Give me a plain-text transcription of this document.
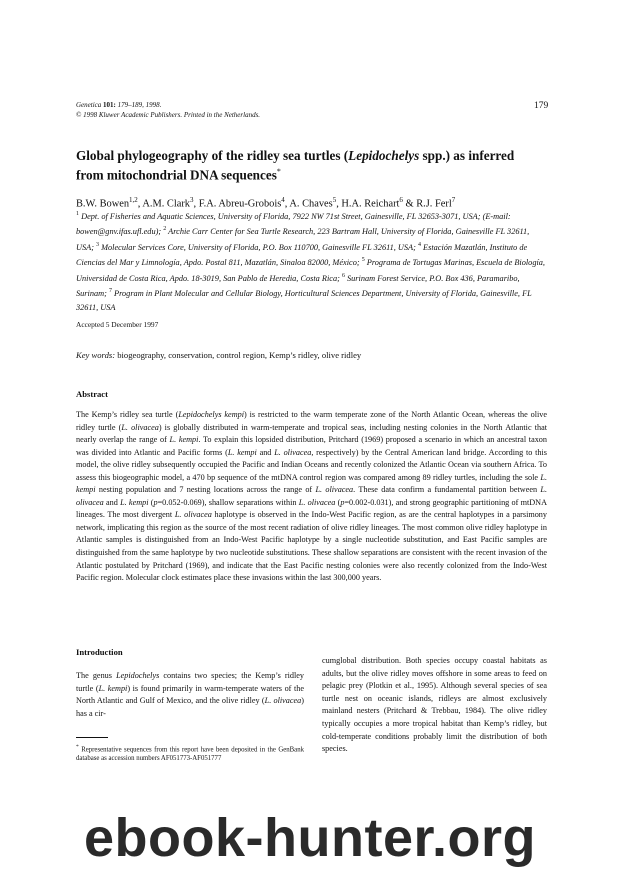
Genetica 101: 179–189, 1998.
© 1998 Kluwer Academic Publishers. Printed in the Netherlands.
179
Global phylogeography of the ridley sea turtles (Lepidochelys spp.) as inferred from mitochondrial DNA sequences*
B.W. Bowen$^{1,2}$, A.M. Clark$^3$, F.A. Abreu-Grobois$^4$, A. Chaves$^5$, H.A. Reichart$^6$ & R.J. Ferl$^7$
$^1$ Dept. of Fisheries and Aquatic Sciences, University of Florida, 7922 NW 71st Street, Gainesville, FL 32653-3071, USA; (E-mail: bowen@gnv.ifas.ufl.edu); $^2$ Archie Carr Center for Sea Turtle Research, 223 Bartram Hall, University of Florida, Gainesville FL 32611, USA; $^3$ Molecular Services Core, University of Florida, P.O. Box 110700, Gainesville FL 32611, USA; $^4$ Estación Mazatlán, Instituto de Ciencias del Mar y Limnología, Apdo. Postal 811, Mazatlán, Sinaloa 82000, México; $^5$ Programa de Tortugas Marinas, Escuela de Biología, Universidad de Costa Rica, Apdo. 18-3019, San Pablo de Heredia, Costa Rica; $^6$ Surinam Forest Service, P.O. Box 436, Paramaribo, Surinam; $^7$ Program in Plant Molecular and Cellular Biology, Horticultural Sciences Department, University of Florida, Gainesville, FL 32611, USA
Accepted 5 December 1997
Key words: biogeography, conservation, control region, Kemp’s ridley, olive ridley
Abstract
The Kemp’s ridley sea turtle (Lepidochelys kempi) is restricted to the warm temperate zone of the North Atlantic Ocean, whereas the olive ridley turtle (L. olivacea) is globally distributed in warm-temperate and tropical seas, including nesting colonies in the North Atlantic that nearly overlap the range of L. kempi. To explain this lopsided distribution, Pritchard (1969) proposed a scenario in which an ancestral taxon was divided into Atlantic and Pacific forms (L. kempi and L. olivacea, respectively) by the Central American land bridge. According to this model, the olive ridley subsequently occupied the Pacific and Indian Oceans and recently colonized the Atlantic Ocean via southern Africa. To assess this biogeographic model, a 470 bp sequence of the mtDNA control region was compared among 89 ridley turtles, including the sole L. kempi nesting population and 7 nesting locations across the range of L. olivacea. These data confirm a fundamental partition between L. olivacea and L. kempi (p=0.052-0.069), shallow separations within L. olivacea (p=0.002-0.031), and strong geographic partitioning of mtDNA lineages. The most divergent L. olivacea haplotype is observed in the Indo-West Pacific region, as are the central haplotypes in a parsimony network, implicating this region as the source of the most recent radiation of olive ridley lineages. The most common olive ridley haplotype in Atlantic samples is distinguished from an Indo-West Pacific haplotype by a single nucleotide substitution, and East Pacific samples are distinguished from the same haplotype by two nucleotide substitutions. These shallow separations are consistent with the recent invasion of the Atlantic postulated by Pritchard (1969), and indicate that the East Pacific nesting colonies were also recently colonized from the Indo-West Pacific region. Molecular clock estimates place these invasions within the last 300,000 years.
Introduction
The genus Lepidochelys contains two species; the Kemp’s ridley turtle (L. kempi) is found primarily in warm-temperate waters of the North Atlantic and Gulf of Mexico, and the olive ridley (L. olivacea) has a cir-
cumglobal distribution. Both species occupy coastal habitats as adults, but the olive ridley moves offshore in some areas to feed on pelagic prey (Plotkin et al., 1995). Although several species of sea turtle nest on oceanic islands, ridleys are almost exclusively mainland nesters (Pritchard & Trebbau, 1984). The olive ridley typically occupies a more tropical habitat than Kemp’s ridley, but cold-temperate conditions probably limit the distribution of both species.
* Representative sequences from this report have been deposited in the GenBank database as accession numbers AF051773-AF051777
ebook-hunter.org
